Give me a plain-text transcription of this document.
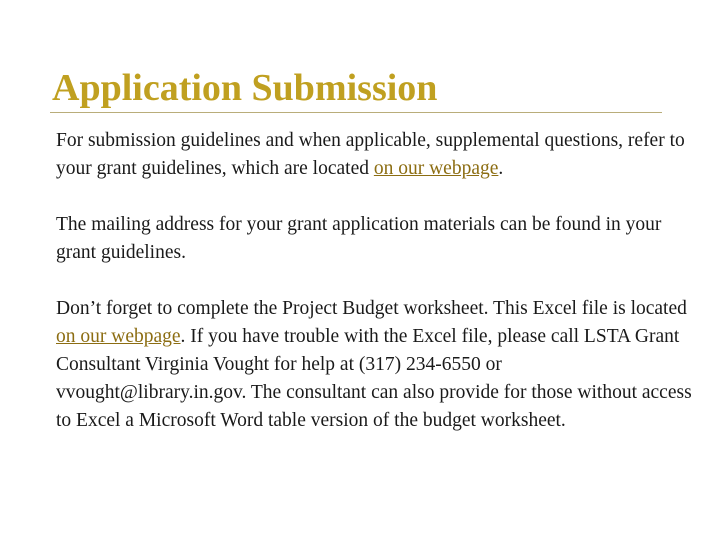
Application Submission

For submission guidelines and when applicable, supplemental questions, refer to your grant guidelines, which are located on our webpage.

The mailing address for your grant application materials can be found in your grant guidelines.

Don’t forget to complete the Project Budget worksheet. This Excel file is located on our webpage. If you have trouble with the Excel file, please call LSTA Grant Consultant Virginia Vought for help at (317) 234-6550 or vvought@library.in.gov. The consultant can also provide for those without access to Excel a Microsoft Word table version of the budget worksheet.
